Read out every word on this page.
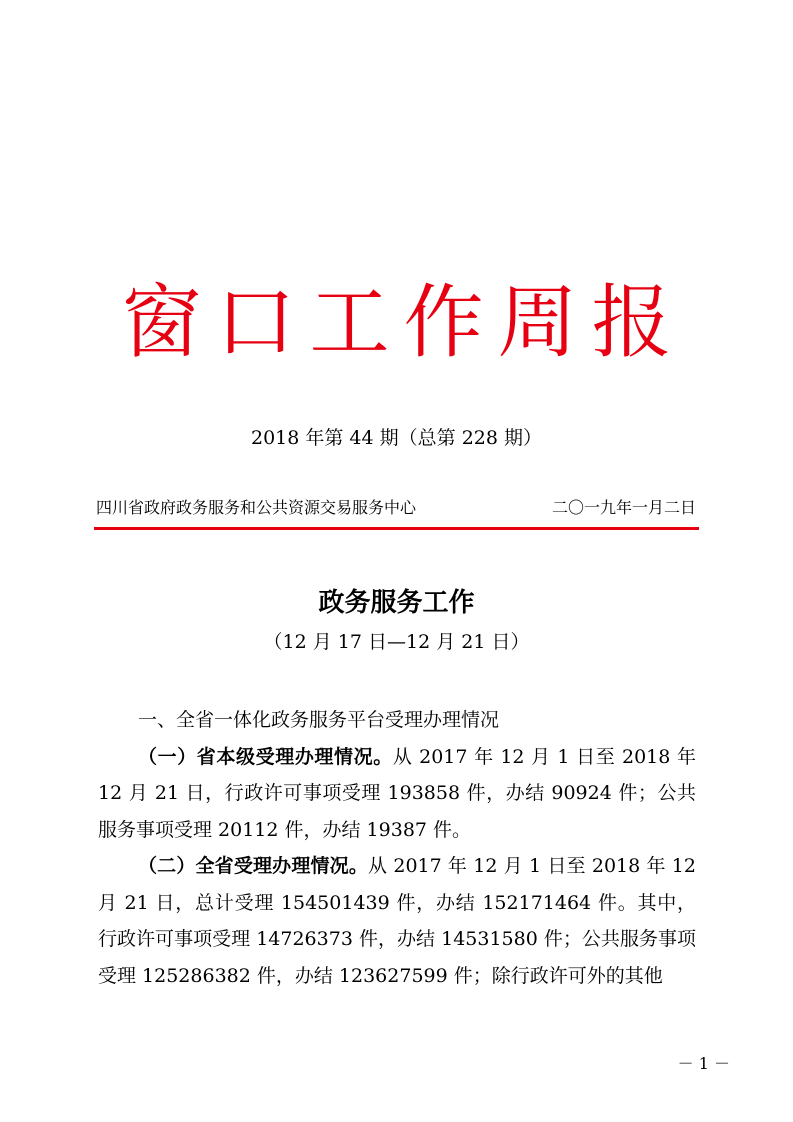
窗口工作周报
2018 年第 44 期（总第 228 期）
四川省政府政务服务和公共资源交易服务中心	二〇一九年一月二日
政务服务工作
（12 月 17 日—12 月 21 日）

一、全省一体化政务服务平台受理办理情况

（一）省本级受理办理情况。从 2017 年 12 月 1 日至 2018 年 12 月 21 日，行政许可事项受理 193858 件，办结 90924 件；公共服务事项受理 20112 件，办结 19387 件。

（二）全省受理办理情况。从 2017 年 12 月 1 日至 2018 年 12 月 21 日，总计受理 154501439 件，办结 152171464 件。其中，行政许可事项受理 14726373 件，办结 14531580 件；公共服务事项受理 125286382 件，办结 123627599 件；除行政许可外的其他

－ 1 －
